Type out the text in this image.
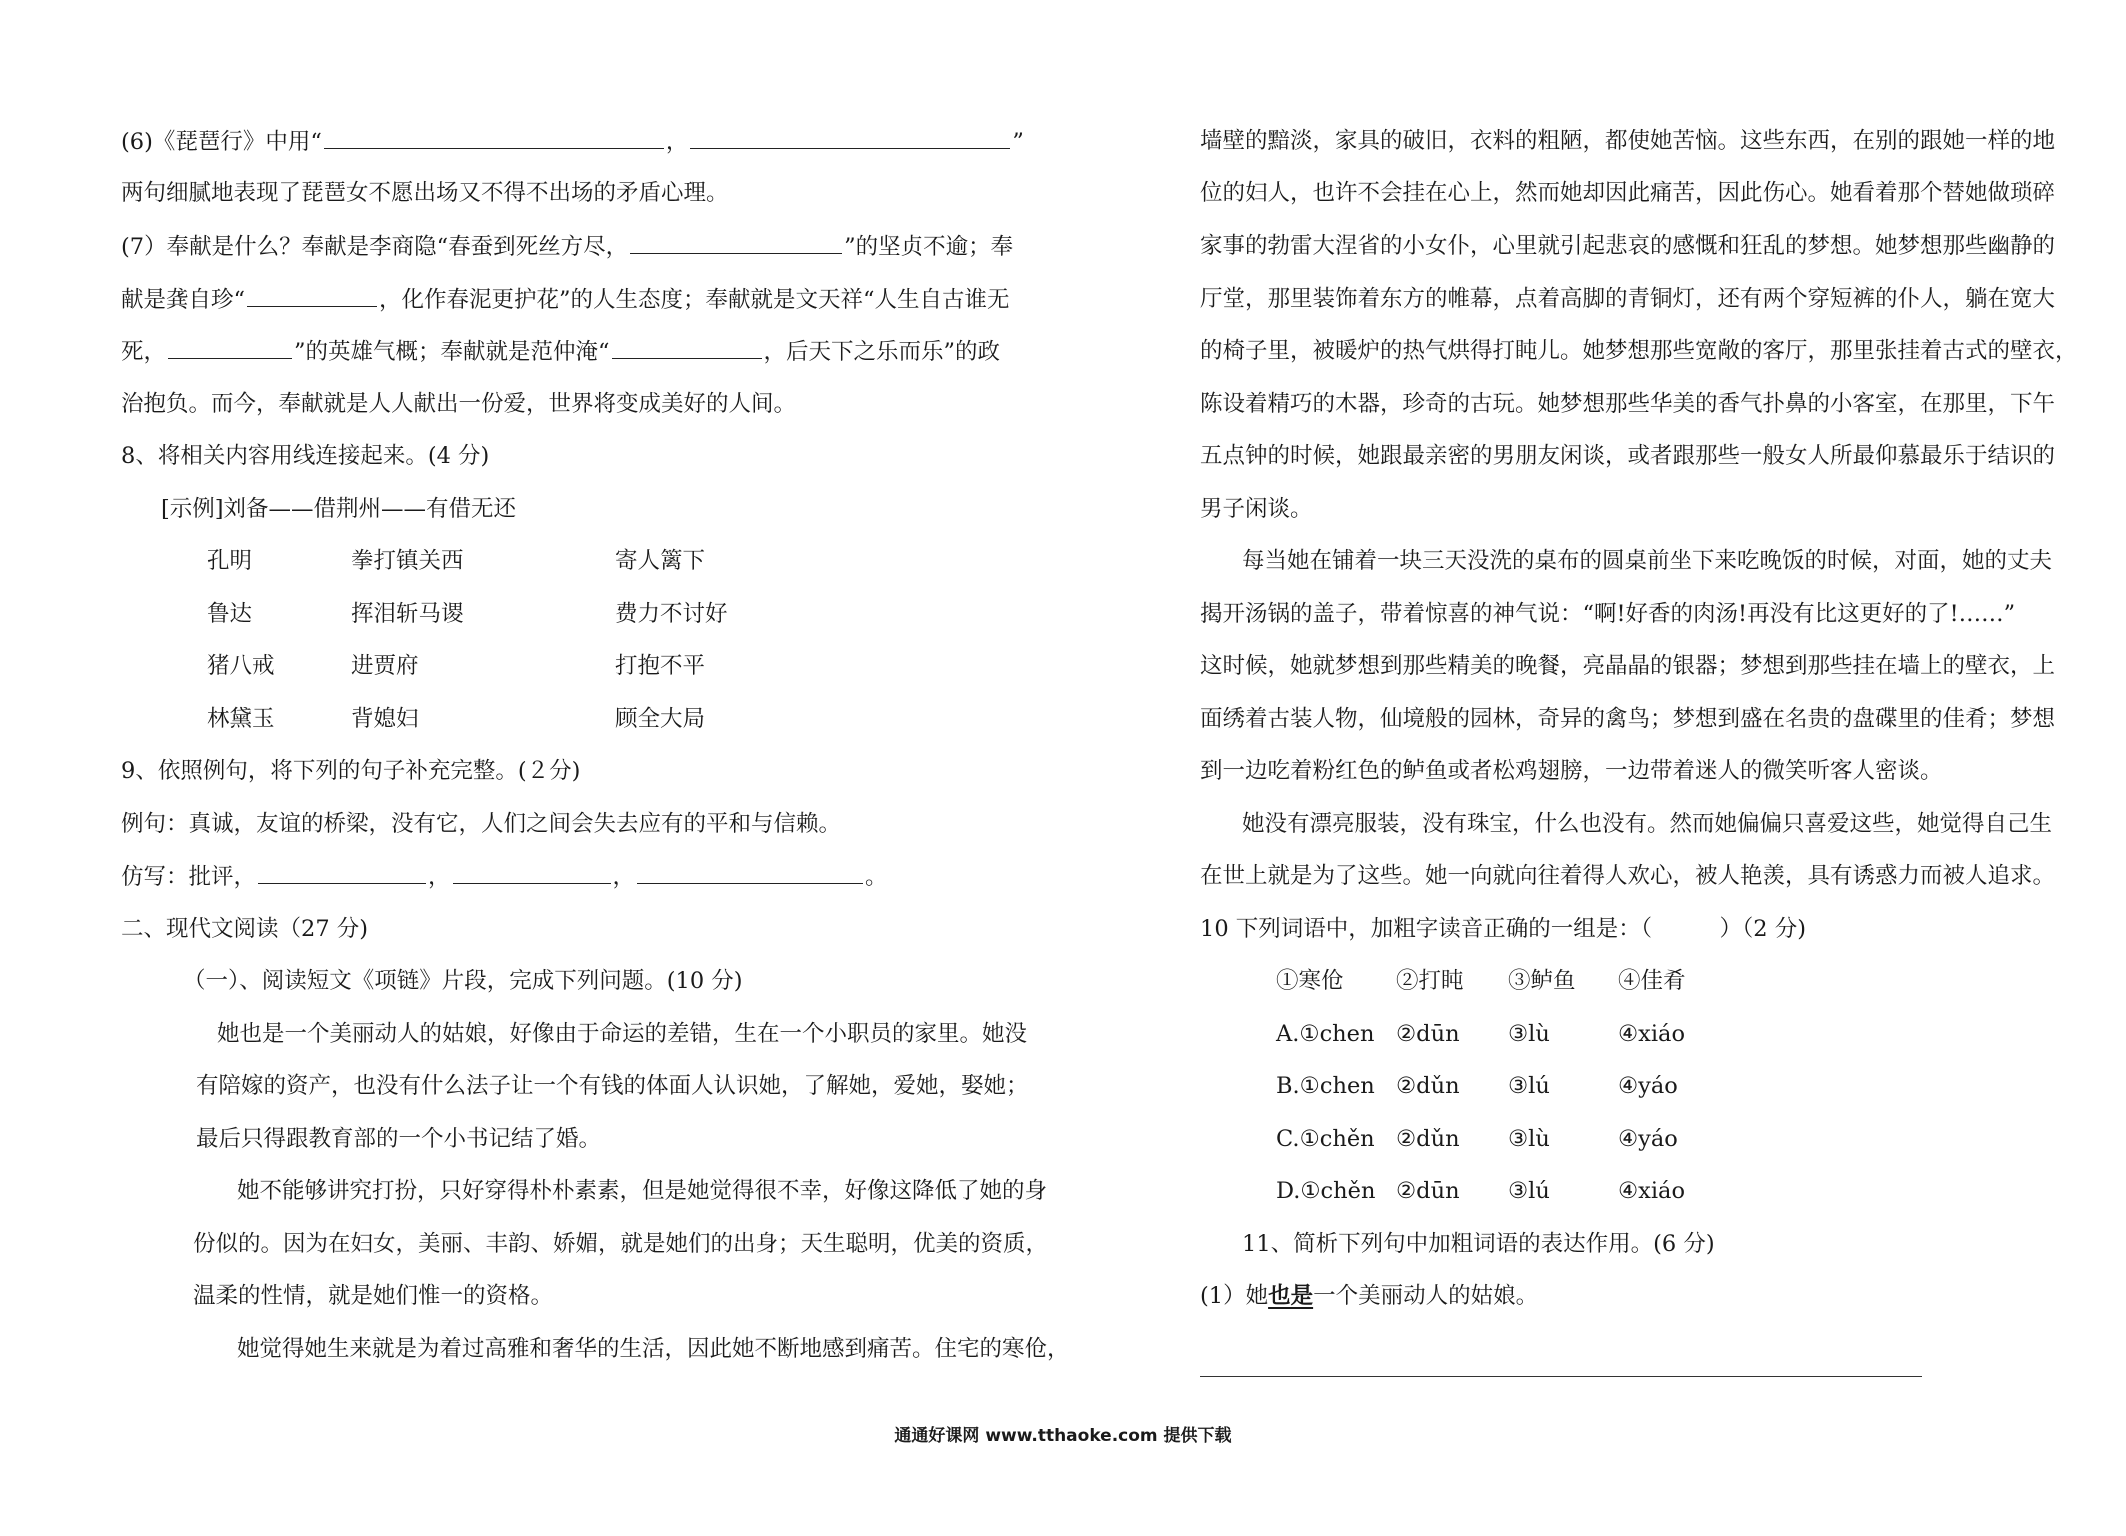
(6)《琵琶行》中用“	，	”
两句细腻地表现了琵琶女不愿出场又不得不出场的矛盾心理。
(7）奉献是什么？奉献是李商隐“春蚕到死丝方尽，	”的坚贞不逾；奉
献是龚自珍“	，化作春泥更护花”的人生态度；奉献就是文天祥“人生自古谁无
死，	”的英雄气概；奉献就是范仲淹“	，后天下之乐而乐”的政
治抱负。而今，奉献就是人人献出一份爱，世界将变成美好的人间。
8、将相关内容用线连接起来。(4 分)
[示例]刘备——借荆州——有借无还
孔明	拳打镇关西	寄人篱下
鲁达	挥泪斩马谡	费力不讨好
猪八戒	进贾府	打抱不平
林黛玉	背媳妇	顾全大局
9、依照例句，将下列的句子补充完整。(２分)
例句：真诚，友谊的桥梁，没有它，人们之间会失去应有的平和与信赖。
仿写：批评，	，	，	。
二、现代文阅读（27 分)
（一）、阅读短文《项链》片段，完成下列问题。(10 分)
她也是一个美丽动人的姑娘，好像由于命运的差错，生在一个小职员的家里。她没
有陪嫁的资产，也没有什么法子让一个有钱的体面人认识她，了解她，爱她，娶她；
最后只得跟教育部的一个小书记结了婚。
她不能够讲究打扮，只好穿得朴朴素素，但是她觉得很不幸，好像这降低了她的身
份似的。因为在妇女，美丽、丰韵、娇媚，就是她们的出身；天生聪明，优美的资质，
温柔的性情，就是她们惟一的资格。
她觉得她生来就是为着过高雅和奢华的生活，因此她不断地感到痛苦。住宅的寒伧，
墙壁的黯淡，家具的破旧，衣料的粗陋，都使她苦恼。这些东西，在别的跟她一样的地
位的妇人，也许不会挂在心上，然而她却因此痛苦，因此伤心。她看着那个替她做琐碎
家事的勃雷大涅省的小女仆，心里就引起悲哀的感慨和狂乱的梦想。她梦想那些幽静的
厅堂，那里装饰着东方的帷幕，点着高脚的青铜灯，还有两个穿短裤的仆人，躺在宽大
的椅子里，被暖炉的热气烘得打盹儿。她梦想那些宽敞的客厅，那里张挂着古式的壁衣，
陈设着精巧的木器，珍奇的古玩。她梦想那些华美的香气扑鼻的小客室，在那里，下午
五点钟的时候，她跟最亲密的男朋友闲谈，或者跟那些一般女人所最仰慕最乐于结识的
男子闲谈。
每当她在铺着一块三天没洗的桌布的圆桌前坐下来吃晚饭的时候，对面，她的丈夫
揭开汤锅的盖子，带着惊喜的神气说：“啊!好香的肉汤!再没有比这更好的了!……”
这时候，她就梦想到那些精美的晚餐，亮晶晶的银器；梦想到那些挂在墙上的壁衣，上
面绣着古装人物，仙境般的园林，奇异的禽鸟；梦想到盛在名贵的盘碟里的佳肴；梦想
到一边吃着粉红色的鲈鱼或者松鸡翅膀，一边带着迷人的微笑听客人密谈。
她没有漂亮服装，没有珠宝，什么也没有。然而她偏偏只喜爱这些，她觉得自己生
在世上就是为了这些。她一向就向往着得人欢心，被人艳羡，具有诱惑力而被人追求。
10 下列词语中，加粗字读音正确的一组是：（　　　）（2 分)
①寒伧 ②打盹 ③鲈鱼 ④佳肴
A.①chen ②dūn ③lù	④xiáo
B.①chen ②dǔn ③lú	④yáo
C.①chěn ②dǔn ③lù	④yáo
D.①chěn ②dūn ③lú	④xiáo
11、简析下列句中加粗词语的表达作用。(6 分)
(1）她也是一个美丽动人的姑娘。
通通好课网 www.tthaoke.com 提供下载
